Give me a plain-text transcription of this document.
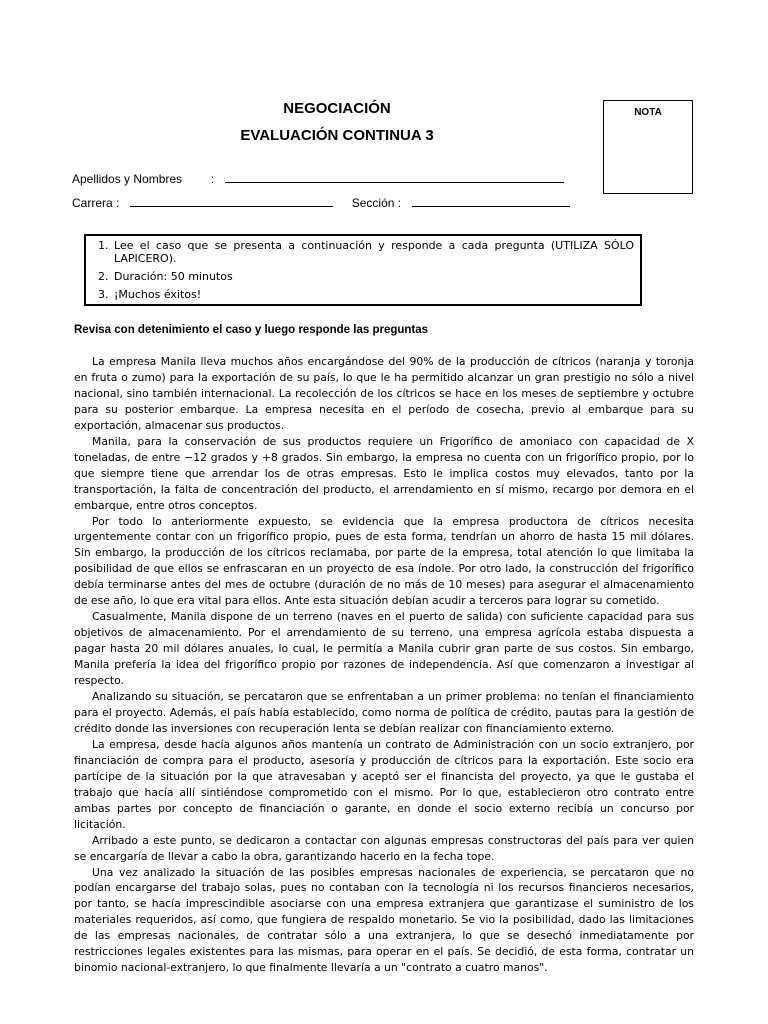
NEGOCIACIÓN
EVALUACIÓN CONTINUA 3
NOTA
Apellidos y Nombres :
Carrera :	Sección :
1. Lee el caso que se presenta a continuación y responde a cada pregunta (UTILIZA SÓLO LAPICERO).
2. Duración: 50 minutos
3. ¡Muchos éxitos!
Revisa con detenimiento el caso y luego responde las preguntas

La empresa Manila lleva muchos años encargándose del 90% de la producción de cítricos (naranja y toronja en fruta o zumo) para la exportación de su país, lo que le ha permitido alcanzar un gran prestigio no sólo a nivel nacional, sino también internacional. La recolección de los cítricos se hace en los meses de septiembre y octubre para su posterior embarque. La empresa necesita en el período de cosecha, previo al embarque para su exportación, almacenar sus productos.

Manila, para la conservación de sus productos requiere un Frigorífico de amoniaco con capacidad de X toneladas, de entre −12 grados y +8 grados. Sin embargo, la empresa no cuenta con un frigorífico propio, por lo que siempre tiene que arrendar los de otras empresas. Esto le implica costos muy elevados, tanto por la transportación, la falta de concentración del producto, el arrendamiento en sí mismo, recargo por demora en el embarque, entre otros conceptos.

Por todo lo anteriormente expuesto, se evidencia que la empresa productora de cítricos necesita urgentemente contar con un frigorífico propio, pues de esta forma, tendrían un ahorro de hasta 15 mil dólares. Sin embargo, la producción de los cítricos reclamaba, por parte de la empresa, total atención lo que limitaba la posibilidad de que ellos se enfrascaran en un proyecto de esa índole. Por otro lado, la construcción del frigorífico debía terminarse antes del mes de octubre (duración de no más de 10 meses) para asegurar el almacenamiento de ese año, lo que era vital para ellos. Ante esta situación debían acudir a terceros para lograr su cometido.

Casualmente, Manila dispone de un terreno (naves en el puerto de salida) con suficiente capacidad para sus objetivos de almacenamiento. Por el arrendamiento de su terreno, una empresa agrícola estaba dispuesta a pagar hasta 20 mil dólares anuales, lo cual, le permitía a Manila cubrir gran parte de sus costos. Sin embargo, Manila prefería la idea del frigorífico propio por razones de independencia. Así que comenzaron a investigar al respecto.

Analizando su situación, se percataron que se enfrentaban a un primer problema: no tenían el financiamiento para el proyecto. Además, el país había establecido, como norma de política de crédito, pautas para la gestión de crédito donde las inversiones con recuperación lenta se debían realizar con financiamiento externo.

La empresa, desde hacía algunos años mantenía un contrato de Administración con un socio extranjero, por financiación de compra para el producto, asesoría y producción de cítricos para la exportación. Este socio era partícipe de la situación por la que atravesaban y aceptó ser el financista del proyecto, ya que le gustaba el trabajo que hacía allí sintiéndose comprometido con el mismo. Por lo que, establecieron otro contrato entre ambas partes por concepto de financiación o garante, en donde el socio externo recibía un concurso por licitación.

Arribado a este punto, se dedicaron a contactar con algunas empresas constructoras del país para ver quien se encargaría de llevar a cabo la obra, garantizando hacerlo en la fecha tope.

Una vez analizado la situación de las posibles empresas nacionales de experiencia, se percataron que no podían encargarse del trabajo solas, pues no contaban con la tecnología ni los recursos financieros necesarios, por tanto, se hacía imprescindible asociarse con una empresa extranjera que garantizase el suministro de los materiales requeridos, así como, que fungiera de respaldo monetario. Se vio la posibilidad, dado las limitaciones de las empresas nacionales, de contratar sólo a una extranjera, lo que se desechó inmediatamente por restricciones legales existentes para las mismas, para operar en el país. Se decidió, de esta forma, contratar un binomio nacional-extranjero, lo que finalmente llevaría a un "contrato a cuatro manos".
